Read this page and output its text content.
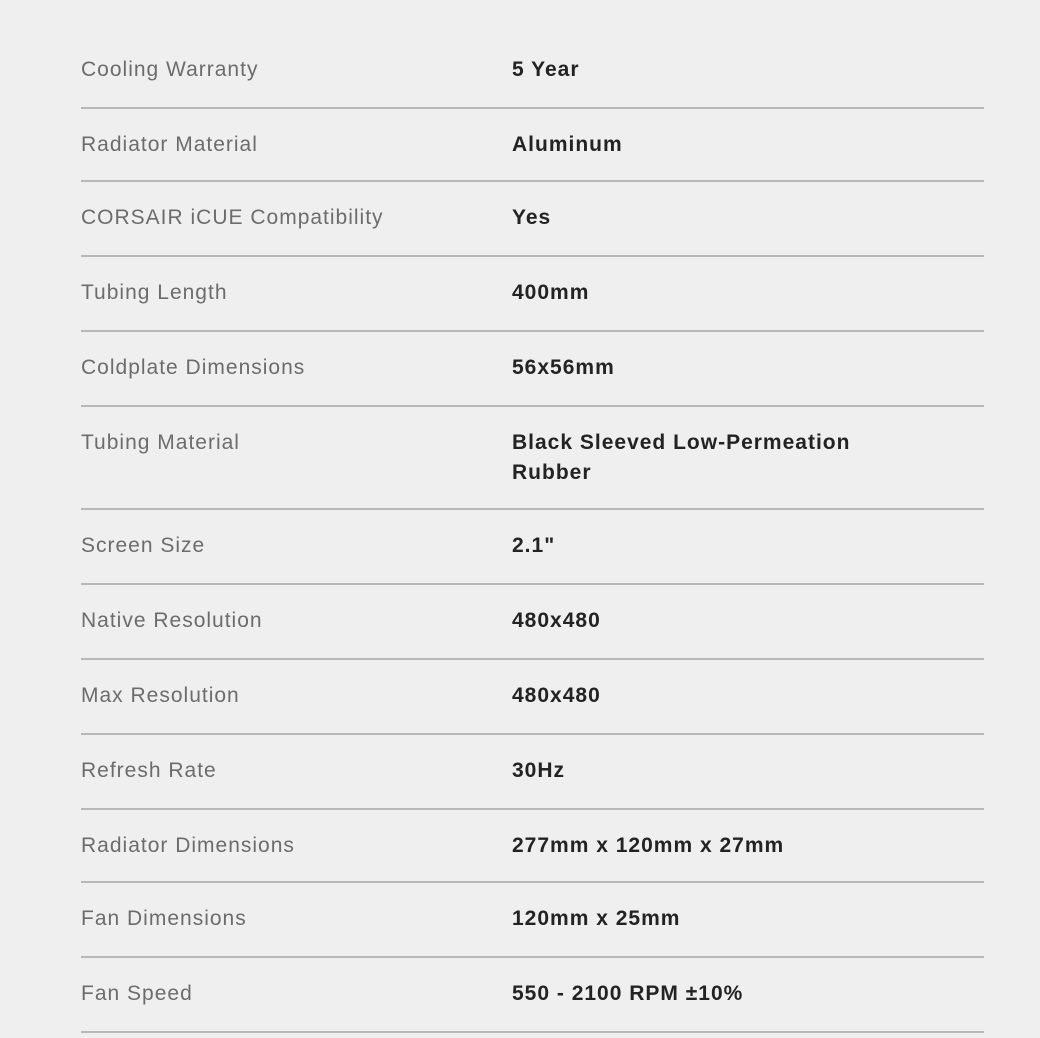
Cooling Warranty	5 Year
Radiator Material	Aluminum
CORSAIR iCUE Compatibility	Yes
Tubing Length	400mm
Coldplate Dimensions	56x56mm
Tubing Material	Black Sleeved Low-Permeation Rubber
Screen Size	2.1"
Native Resolution	480x480
Max Resolution	480x480
Refresh Rate	30Hz
Radiator Dimensions	277mm x 120mm x 27mm
Fan Dimensions	120mm x 25mm
Fan Speed	550 - 2100 RPM ±10%
